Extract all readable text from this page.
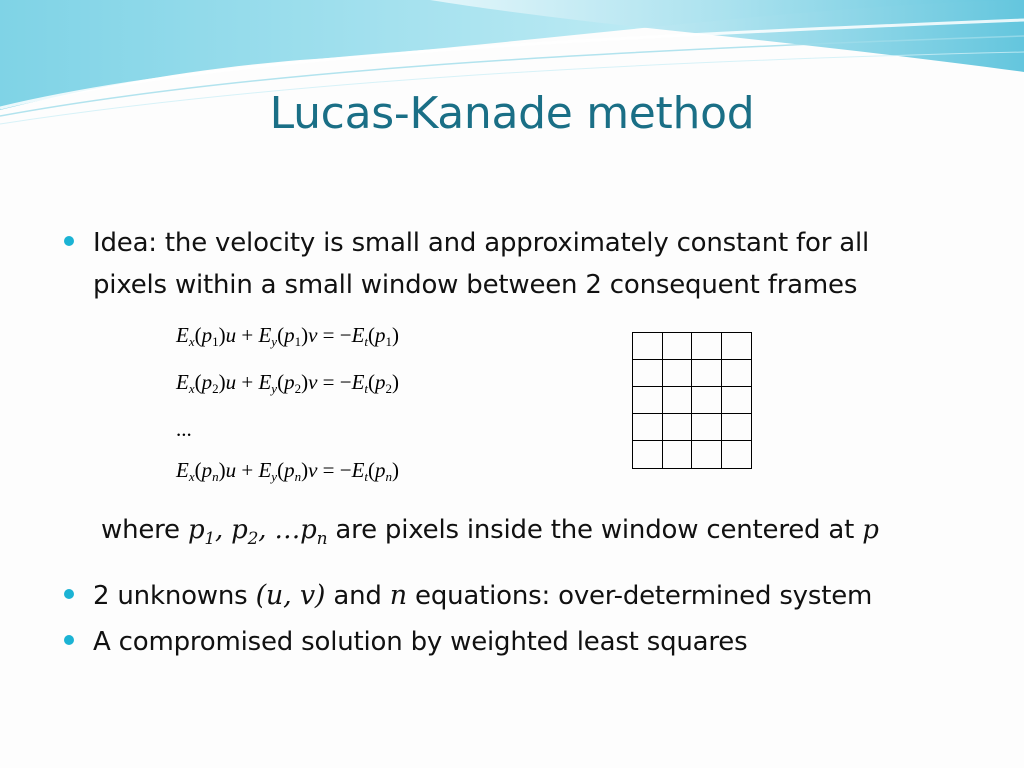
Lucas-Kanade method
Idea: the velocity is small and approximately constant for all
pixels within a small window between 2 consequent frames
$E_x(p_1)u + E_y(p_1)v = -E_t(p_1)$
$E_x(p_2)u + E_y(p_2)v = -E_t(p_2)$
...
$E_x(p_n)u + E_y(p_n)v = -E_t(p_n)$
where $p_1$, $p_2$, $\dots p_n$ are pixels inside the window centered at p
2 unknowns (u, v) and n equations: over-determined system
A compromised solution by weighted least squares
